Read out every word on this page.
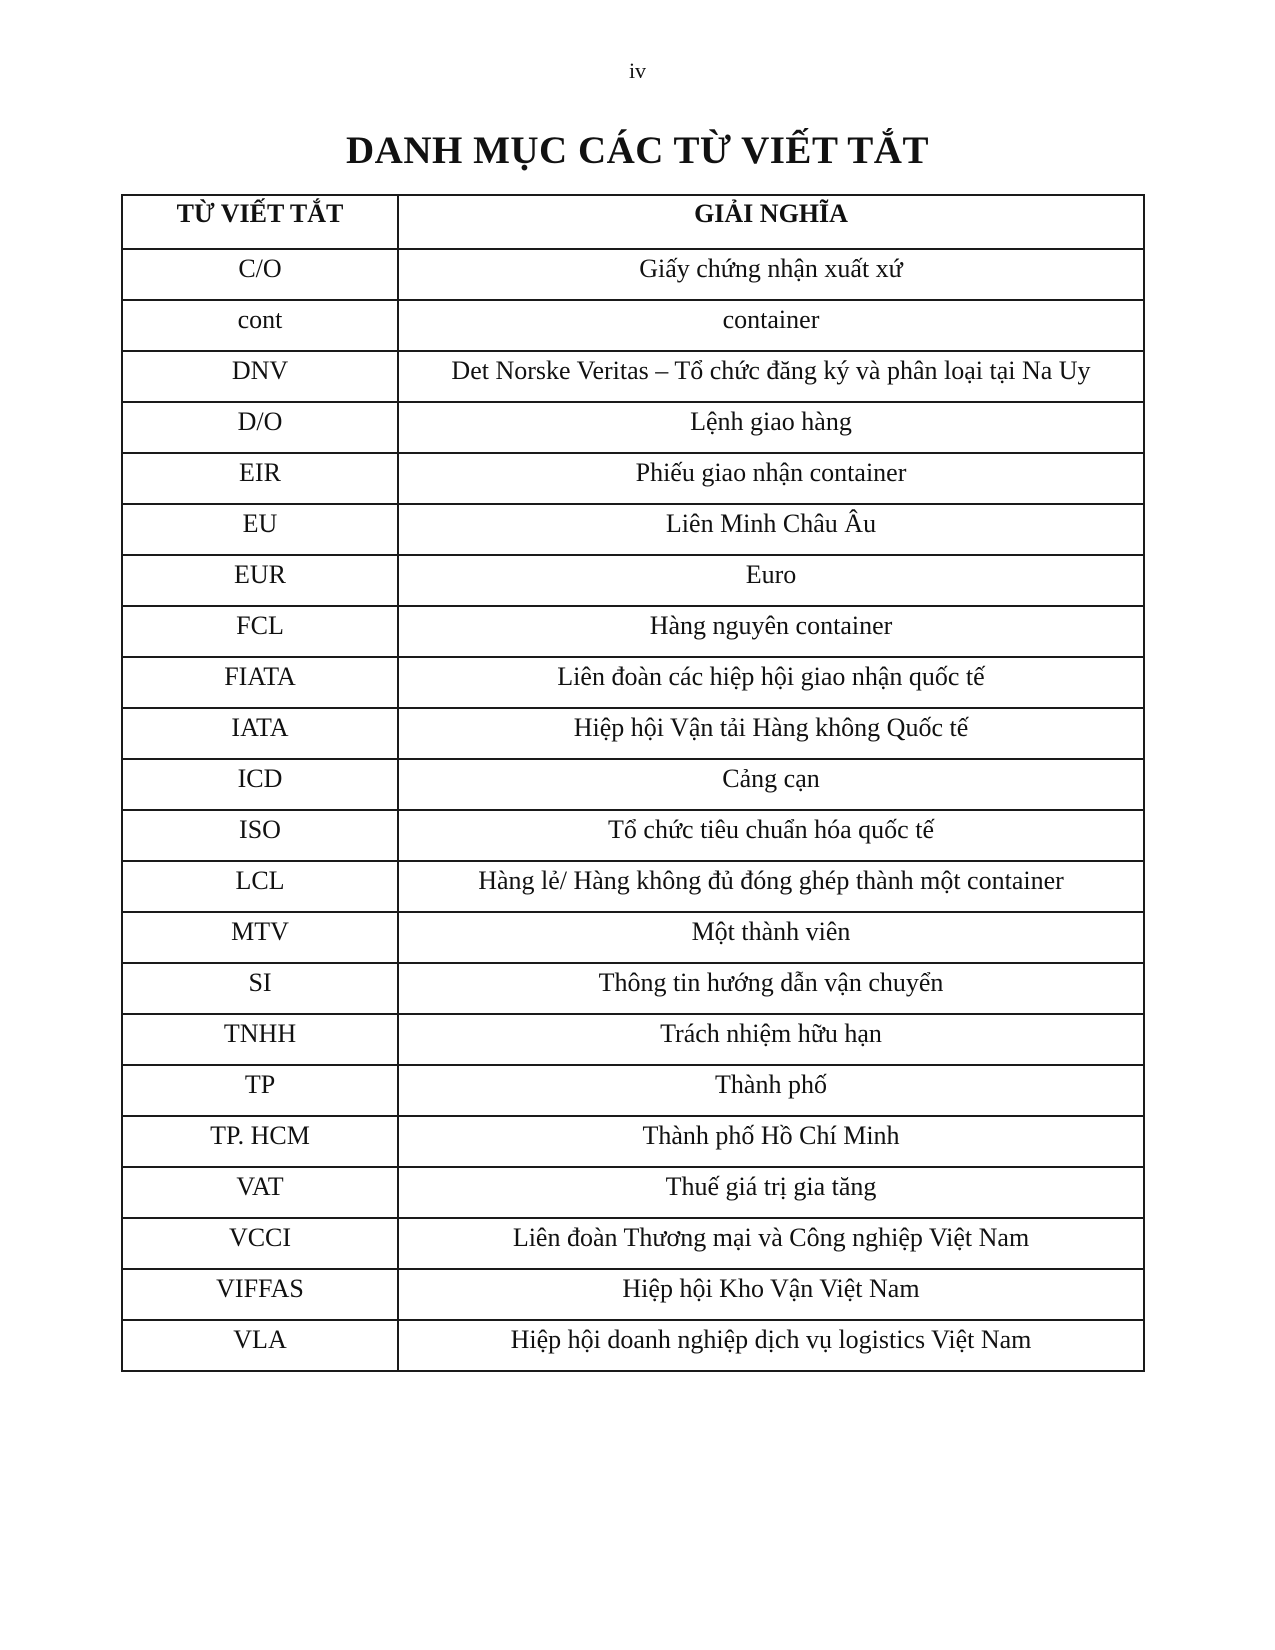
iv
DANH MỤC CÁC TỪ VIẾT TẮT
TỪ VIẾT TẮT	GIẢI NGHĨA
C/O	Giấy chứng nhận xuất xứ
cont	container
DNV	Det Norske Veritas – Tổ chức đăng ký và phân loại tại Na Uy
D/O	Lệnh giao hàng
EIR	Phiếu giao nhận container
EU	Liên Minh Châu Âu
EUR	Euro
FCL	Hàng nguyên container
FIATA	Liên đoàn các hiệp hội giao nhận quốc tế
IATA	Hiệp hội Vận tải Hàng không Quốc tế
ICD	Cảng cạn
ISO	Tổ chức tiêu chuẩn hóa quốc tế
LCL	Hàng lẻ/ Hàng không đủ đóng ghép thành một container
MTV	Một thành viên
SI	Thông tin hướng dẫn vận chuyển
TNHH	Trách nhiệm hữu hạn
TP	Thành phố
TP. HCM	Thành phố Hồ Chí Minh
VAT	Thuế giá trị gia tăng
VCCI	Liên đoàn Thương mại và Công nghiệp Việt Nam
VIFFAS	Hiệp hội Kho Vận Việt Nam
VLA	Hiệp hội doanh nghiệp dịch vụ logistics Việt Nam
